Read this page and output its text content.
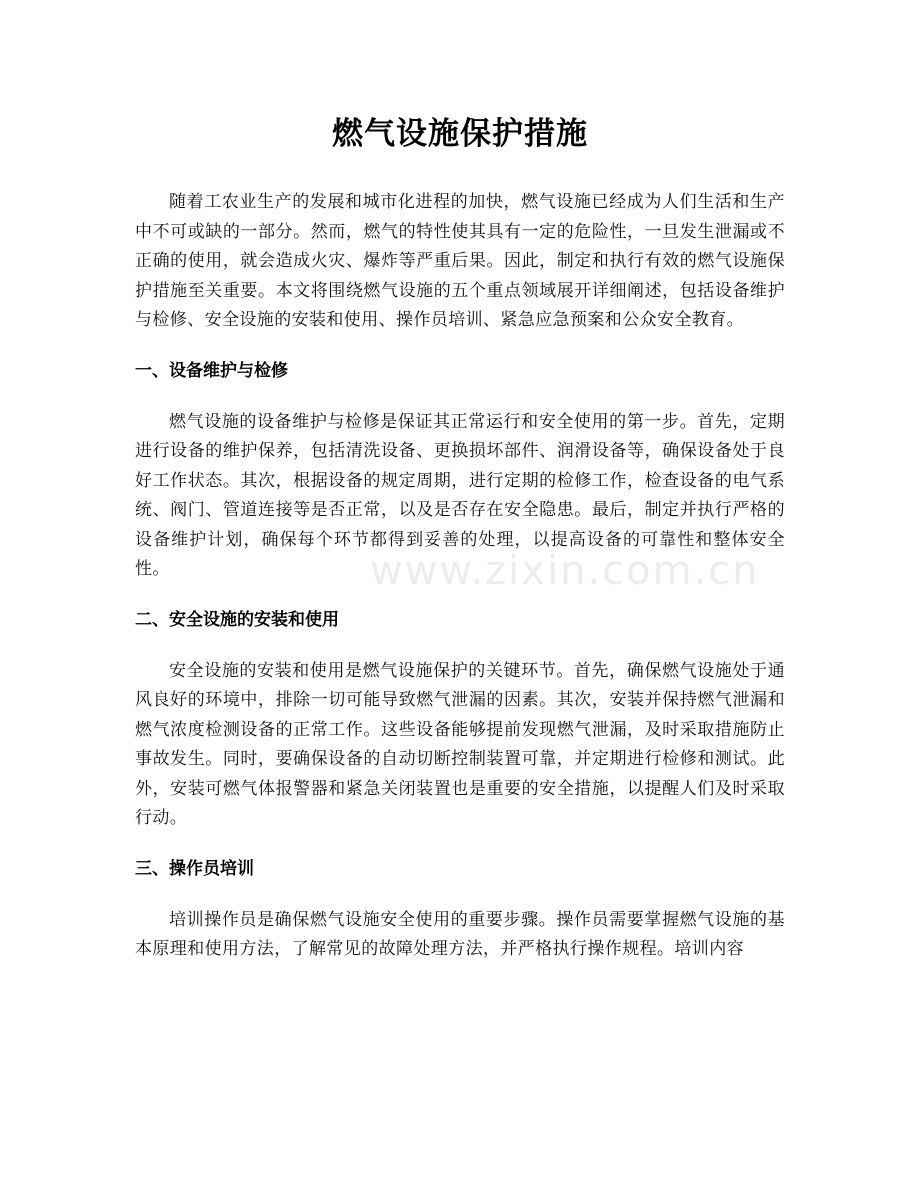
燃气设施保护措施

随着工农业生产的发展和城市化进程的加快，燃气设施已经成为人们生活和生产中不可或缺的一部分。然而，燃气的特性使其具有一定的危险性，一旦发生泄漏或不正确的使用，就会造成火灾、爆炸等严重后果。因此，制定和执行有效的燃气设施保护措施至关重要。本文将围绕燃气设施的五个重点领域展开详细阐述，包括设备维护与检修、安全设施的安装和使用、操作员培训、紧急应急预案和公众安全教育。

一、设备维护与检修

燃气设施的设备维护与检修是保证其正常运行和安全使用的第一步。首先，定期进行设备的维护保养，包括清洗设备、更换损坏部件、润滑设备等，确保设备处于良好工作状态。其次，根据设备的规定周期，进行定期的检修工作，检查设备的电气系统、阀门、管道连接等是否正常，以及是否存在安全隐患。最后，制定并执行严格的设备维护计划，确保每个环节都得到妥善的处理，以提高设备的可靠性和整体安全性。

二、安全设施的安装和使用

安全设施的安装和使用是燃气设施保护的关键环节。首先，确保燃气设施处于通风良好的环境中，排除一切可能导致燃气泄漏的因素。其次，安装并保持燃气泄漏和燃气浓度检测设备的正常工作。这些设备能够提前发现燃气泄漏，及时采取措施防止事故发生。同时，要确保设备的自动切断控制装置可靠，并定期进行检修和测试。此外，安装可燃气体报警器和紧急关闭装置也是重要的安全措施，以提醒人们及时采取行动。

三、操作员培训

培训操作员是确保燃气设施安全使用的重要步骤。操作员需要掌握燃气设施的基本原理和使用方法，了解常见的故障处理方法，并严格执行操作规程。培训内容

www.zixin.com.cn
